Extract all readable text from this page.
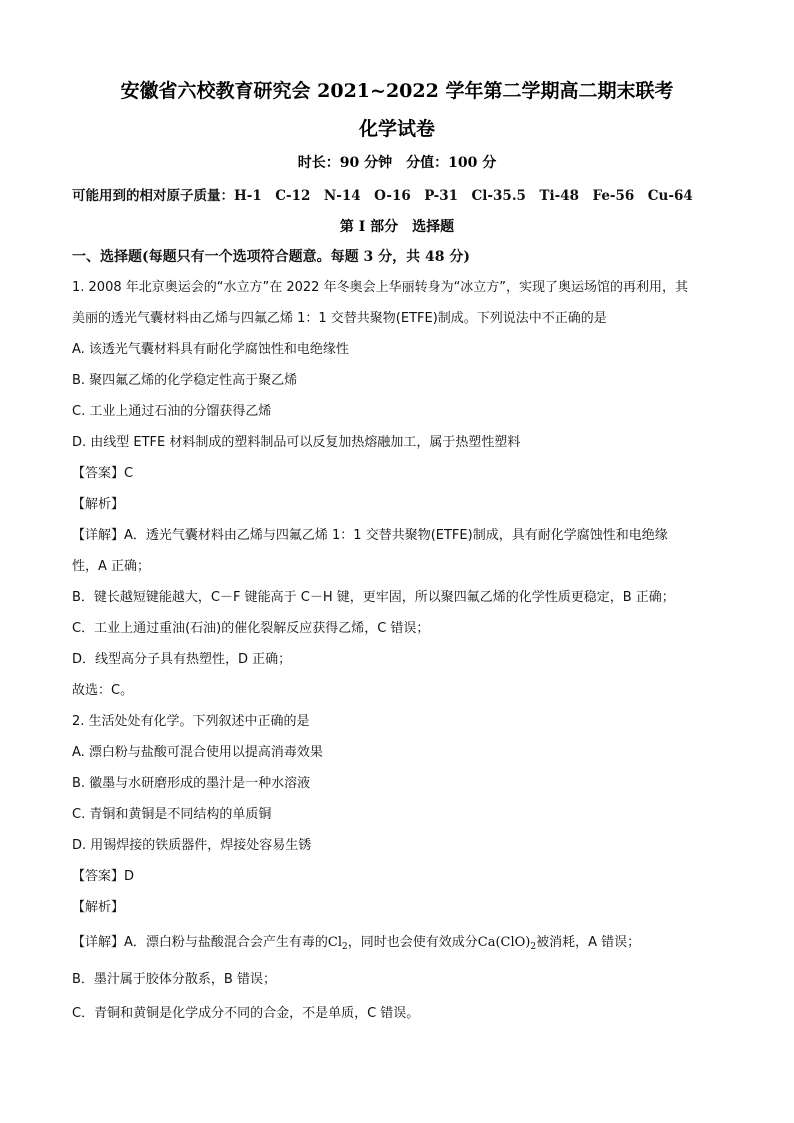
安徽省六校教育研究会 2021~2022 学年第二学期高二期末联考
化学试卷
时长：90 分钟　分值：100 分
可能用到的相对原子质量：H-1　C-12　N-14　O-16　P-31　Cl-35.5　Ti-48　Fe-56　Cu-64
第 I 部分　选择题
一、选择题(每题只有一个选项符合题意。每题 3 分，共 48 分)
1. 2008 年北京奥运会的“水立方”在 2022 年冬奥会上华丽转身为“冰立方”，实现了奥运场馆的再利用，其
美丽的透光气囊材料由乙烯与四氟乙烯 1：1 交替共聚物(ETFE)制成。下列说法中不正确的是
A. 该透光气囊材料具有耐化学腐蚀性和电绝缘性
B. 聚四氟乙烯的化学稳定性高于聚乙烯
C. 工业上通过石油的分馏获得乙烯
D. 由线型 ETFE 材料制成的塑料制品可以反复加热熔融加工，属于热塑性塑料
【答案】C
【解析】
【详解】A．透光气囊材料由乙烯与四氟乙烯 1：1 交替共聚物(ETFE)制成，具有耐化学腐蚀性和电绝缘
性，A 正确；
B．键长越短键能越大，C－F 键能高于 C－H 键，更牢固，所以聚四氟乙烯的化学性质更稳定，B 正确；
C．工业上通过重油(石油)的催化裂解反应获得乙烯，C 错误；
D．线型高分子具有热塑性，D 正确；
故选：C。
2. 生活处处有化学。下列叙述中正确的是
A. 漂白粉与盐酸可混合使用以提高消毒效果
B. 徽墨与水研磨形成的墨汁是一种水溶液
C. 青铜和黄铜是不同结构的单质铜
D. 用锡焊接的铁质器件，焊接处容易生锈
【答案】D
【解析】
【详解】A．漂白粉与盐酸混合会产生有毒的$Cl_2$，同时也会使有效成分$Ca(ClO)_2$被消耗，A 错误；
B．墨汁属于胶体分散系，B 错误；
C．青铜和黄铜是化学成分不同的合金，不是单质，C 错误。
